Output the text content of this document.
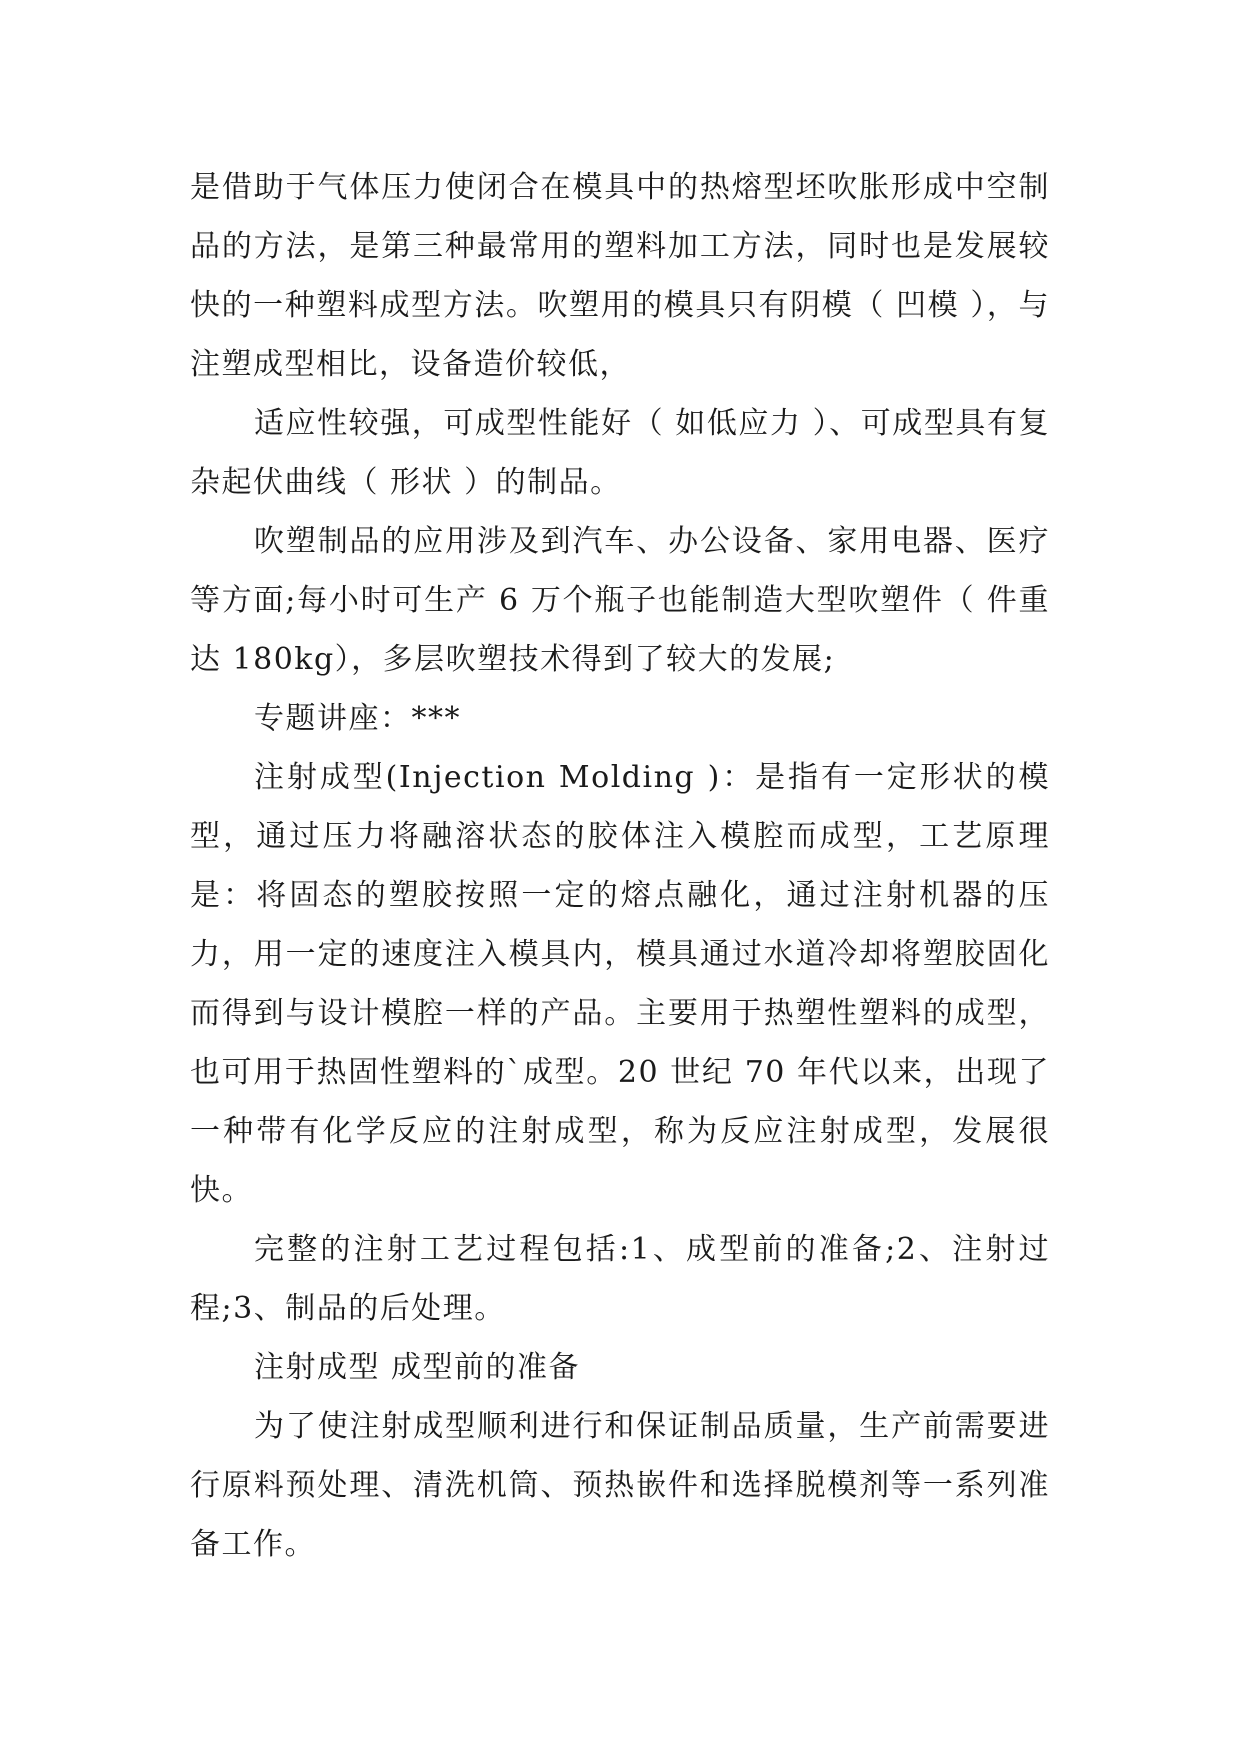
是借助于气体压力使闭合在模具中的热熔型坯吹胀形成中空制品的方法，是第三种最常用的塑料加工方法，同时也是发展较快的一种塑料成型方法。吹塑用的模具只有阴模（ 凹模 ），与注塑成型相比，设备造价较低，

适应性较强，可成型性能好（ 如低应力 ）、可成型具有复杂起伏曲线（ 形状 ）的制品。

吹塑制品的应用涉及到汽车、办公设备、家用电器、医疗等方面;每小时可生产 6 万个瓶子也能制造大型吹塑件（ 件重达 180kg），多层吹塑技术得到了较大的发展;

专题讲座：***

注射成型(Injection Molding )：是指有一定形状的模型，通过压力将融溶状态的胶体注入模腔而成型，工艺原理是：将固态的塑胶按照一定的熔点融化，通过注射机器的压力，用一定的速度注入模具内，模具通过水道冷却将塑胶固化而得到与设计模腔一样的产品。主要用于热塑性塑料的成型，也可用于热固性塑料的`成型。20 世纪 70 年代以来，出现了一种带有化学反应的注射成型，称为反应注射成型，发展很快。

完整的注射工艺过程包括:1、成型前的准备;2、注射过程;3、制品的后处理。

注射成型 成型前的准备

为了使注射成型顺利进行和保证制品质量，生产前需要进行原料预处理、清洗机筒、预热嵌件和选择脱模剂等一系列准备工作。
